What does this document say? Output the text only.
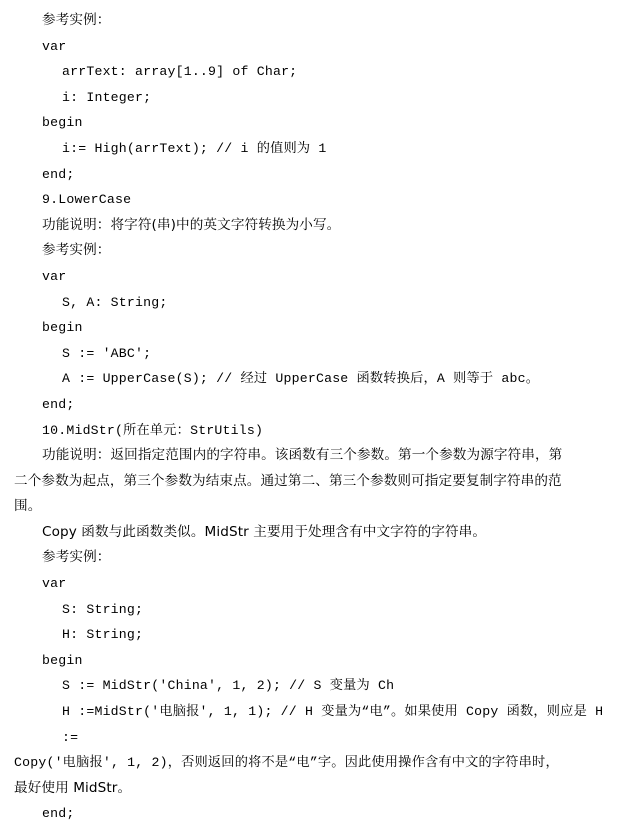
参考实例：
var
arrText: array[1..9] of Char;
i: Integer;
begin
i:= High(arrText); // i 的值则为 1
end;
9.LowerCase
功能说明：将字符(串)中的英文字符转换为小写。
参考实例：
var
S, A: String;
begin
S := 'ABC';
A := UpperCase(S); // 经过 UpperCase 函数转换后，A 则等于 abc。
end;
10.MidStr(所在单元：StrUtils)
功能说明：返回指定范围内的字符串。该函数有三个参数。第一个参数为源字符串，第
二个参数为起点，第三个参数为结束点。通过第二、第三个参数则可指定要复制字符串的范
围。
Copy 函数与此函数类似。MidStr 主要用于处理含有中文字符的字符串。
参考实例：
var
S: String;
H: String;
begin
S := MidStr('China', 1, 2); // S 变量为 Ch
H :=MidStr('电脑报', 1, 1); // H 变量为“电”。如果使用 Copy 函数，则应是 H :=
Copy('电脑报', 1, 2)，否则返回的将不是“电”字。因此使用操作含有中文的字符串时，
最好使用 MidStr。
end;
